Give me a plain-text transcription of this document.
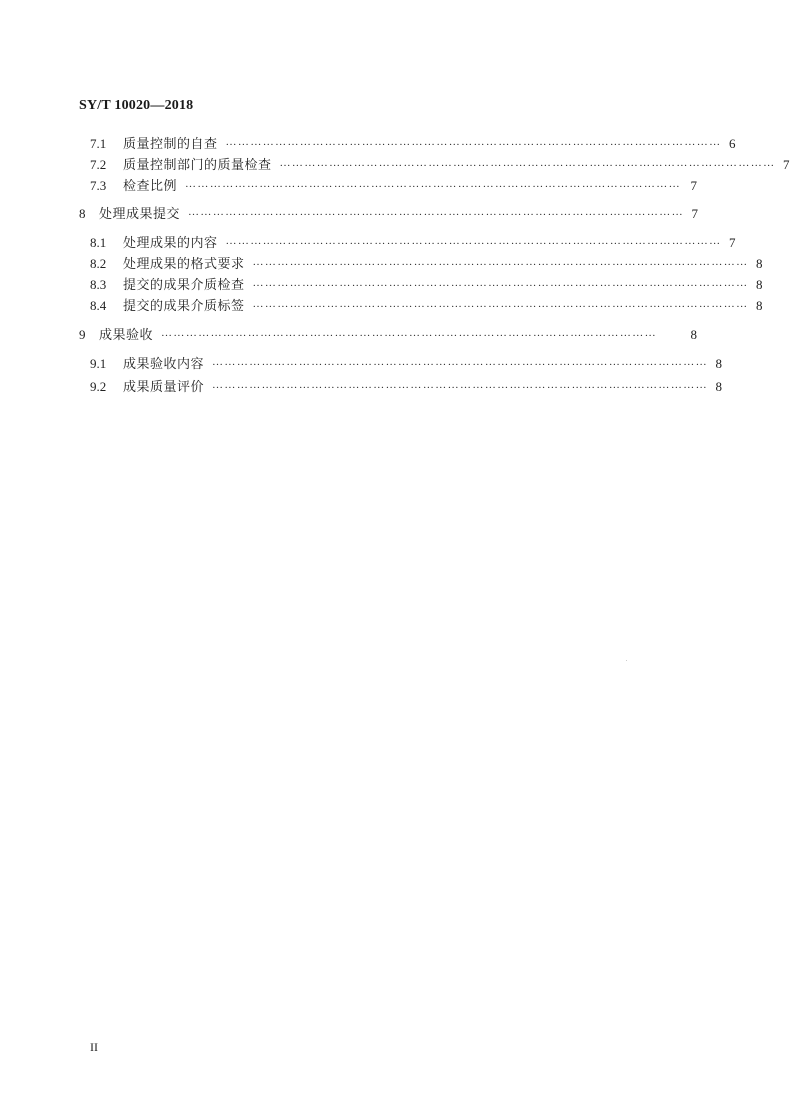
SY/T 10020—2018
7.1	质量控制的自查 ………………………………………………………………………………………………………… 6
7.2	质量控制部门的质量检查 ………………………………………………………………………………………………………… 7
7.3	检查比例 ………………………………………………………………………………………………………… 7
8	处理成果提交 ………………………………………………………………………………………………………… 7
8.1	处理成果的内容 ………………………………………………………………………………………………………… 7
8.2	处理成果的格式要求 ………………………………………………………………………………………………………… 8
8.3	提交的成果介质检查 ………………………………………………………………………………………………………… 8
8.4	提交的成果介质标签 ………………………………………………………………………………………………………… 8
9	成果验收 …………………………………………………………………………………………………………	8
9.1	成果验收内容 ………………………………………………………………………………………………………… 8
9.2	成果质量评价 ………………………………………………………………………………………………………… 8
II
